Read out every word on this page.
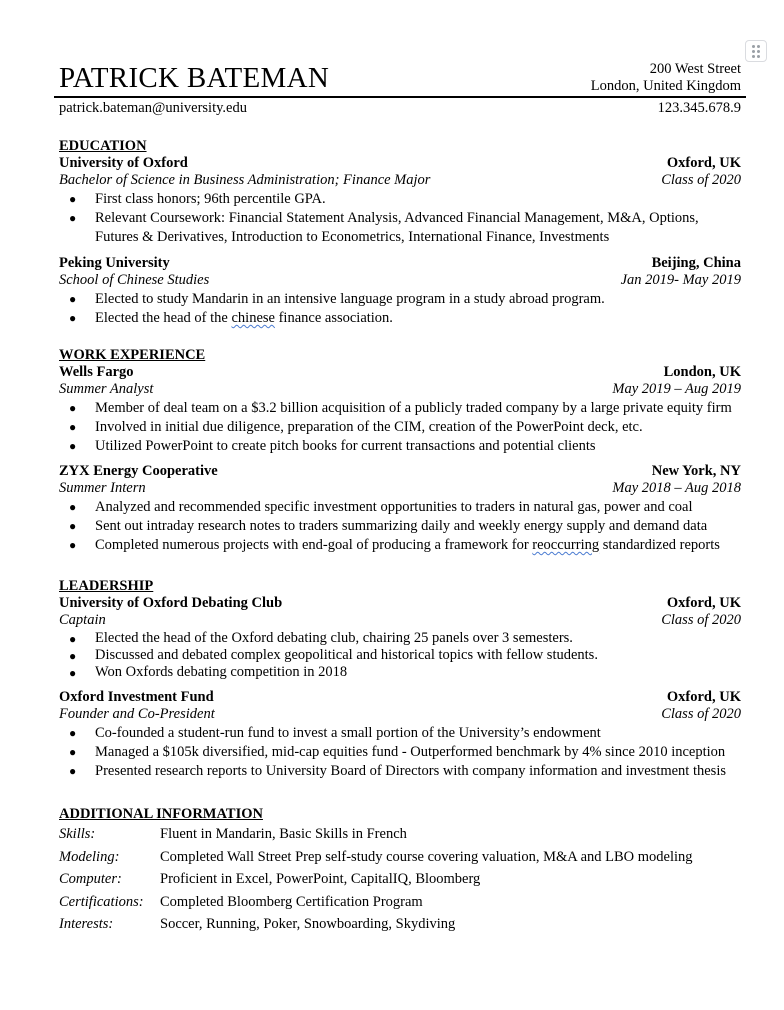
PATRICK BATEMAN	200 West Street
London, United Kingdom
patrick.bateman@university.edu	123.345.678.9
EDUCATION
University of Oxford	Oxford, UK
Bachelor of Science in Business Administration; Finance Major	Class of 2020
● First class honors; 96th percentile GPA.
● Relevant Coursework: Financial Statement Analysis, Advanced Financial Management, M&A, Options, Futures & Derivatives, Introduction to Econometrics, International Finance, Investments
Peking University	Beijing, China
School of Chinese Studies	Jan 2019- May 2019
● Elected to study Mandarin in an intensive language program in a study abroad program.
● Elected the head of the chinese finance association.
WORK EXPERIENCE
Wells Fargo	London, UK
Summer Analyst	May 2019 – Aug 2019
● Member of deal team on a $3.2 billion acquisition of a publicly traded company by a large private equity firm
● Involved in initial due diligence, preparation of the CIM, creation of the PowerPoint deck, etc.
● Utilized PowerPoint to create pitch books for current transactions and potential clients
ZYX Energy Cooperative	New York, NY
Summer Intern	May 2018 – Aug 2018
● Analyzed and recommended specific investment opportunities to traders in natural gas, power and coal
● Sent out intraday research notes to traders summarizing daily and weekly energy supply and demand data
● Completed numerous projects with end-goal of producing a framework for reoccurring standardized reports
LEADERSHIP
University of Oxford Debating Club	Oxford, UK
Captain	Class of 2020
● Elected the head of the Oxford debating club, chairing 25 panels over 3 semesters.
● Discussed and debated complex geopolitical and historical topics with fellow students.
● Won Oxfords debating competition in 2018
Oxford Investment Fund	Oxford, UK
Founder and Co-President	Class of 2020
● Co-founded a student-run fund to invest a small portion of the University’s endowment
● Managed a $105k diversified, mid-cap equities fund - Outperformed benchmark by 4% since 2010 inception
● Presented research reports to University Board of Directors with company information and investment thesis
ADDITIONAL INFORMATION
Skills:	Fluent in Mandarin, Basic Skills in French
Modeling:	Completed Wall Street Prep self-study course covering valuation, M&A and LBO modeling
Computer:	Proficient in Excel, PowerPoint, CapitalIQ, Bloomberg
Certifications: Completed Bloomberg Certification Program
Interests:	Soccer, Running, Poker, Snowboarding, Skydiving
